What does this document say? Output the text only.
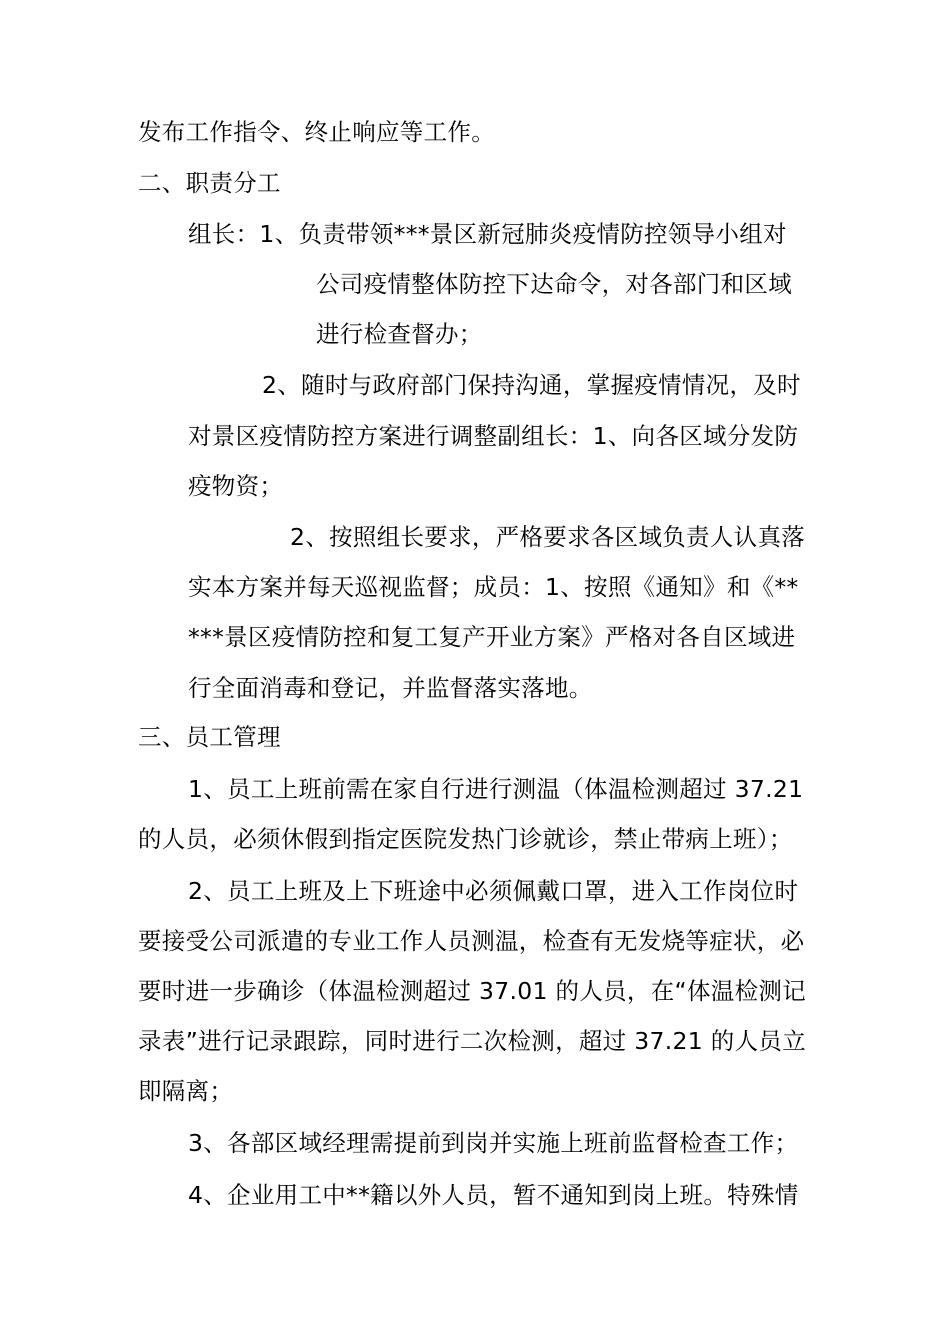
发布工作指令、终止响应等工作。
二、职责分工
组长：1、负责带领***景区新冠肺炎疫情防控领导小组对
公司疫情整体防控下达命令，对各部门和区域
进行检查督办；
2、随时与政府部门保持沟通，掌握疫情情况，及时
对景区疫情防控方案进行调整副组长：1、向各区域分发防
疫物资；
2、按照组长要求，严格要求各区域负责人认真落
实本方案并每天巡视监督；成员：1、按照《通知》和《**
***景区疫情防控和复工复产开业方案》严格对各自区域进
行全面消毒和登记，并监督落实落地。
三、员工管理
1、员工上班前需在家自行进行测温（体温检测超过 37.21
的人员，必须休假到指定医院发热门诊就诊，禁止带病上班）；
2、员工上班及上下班途中必须佩戴口罩，进入工作岗位时
要接受公司派遣的专业工作人员测温，检查有无发烧等症状，必
要时进一步确诊（体温检测超过 37.01 的人员，在“体温检测记
录表”进行记录跟踪，同时进行二次检测，超过 37.21 的人员立
即隔离；
3、各部区域经理需提前到岗并实施上班前监督检查工作；
4、企业用工中**籍以外人员，暂不通知到岗上班。特殊情
